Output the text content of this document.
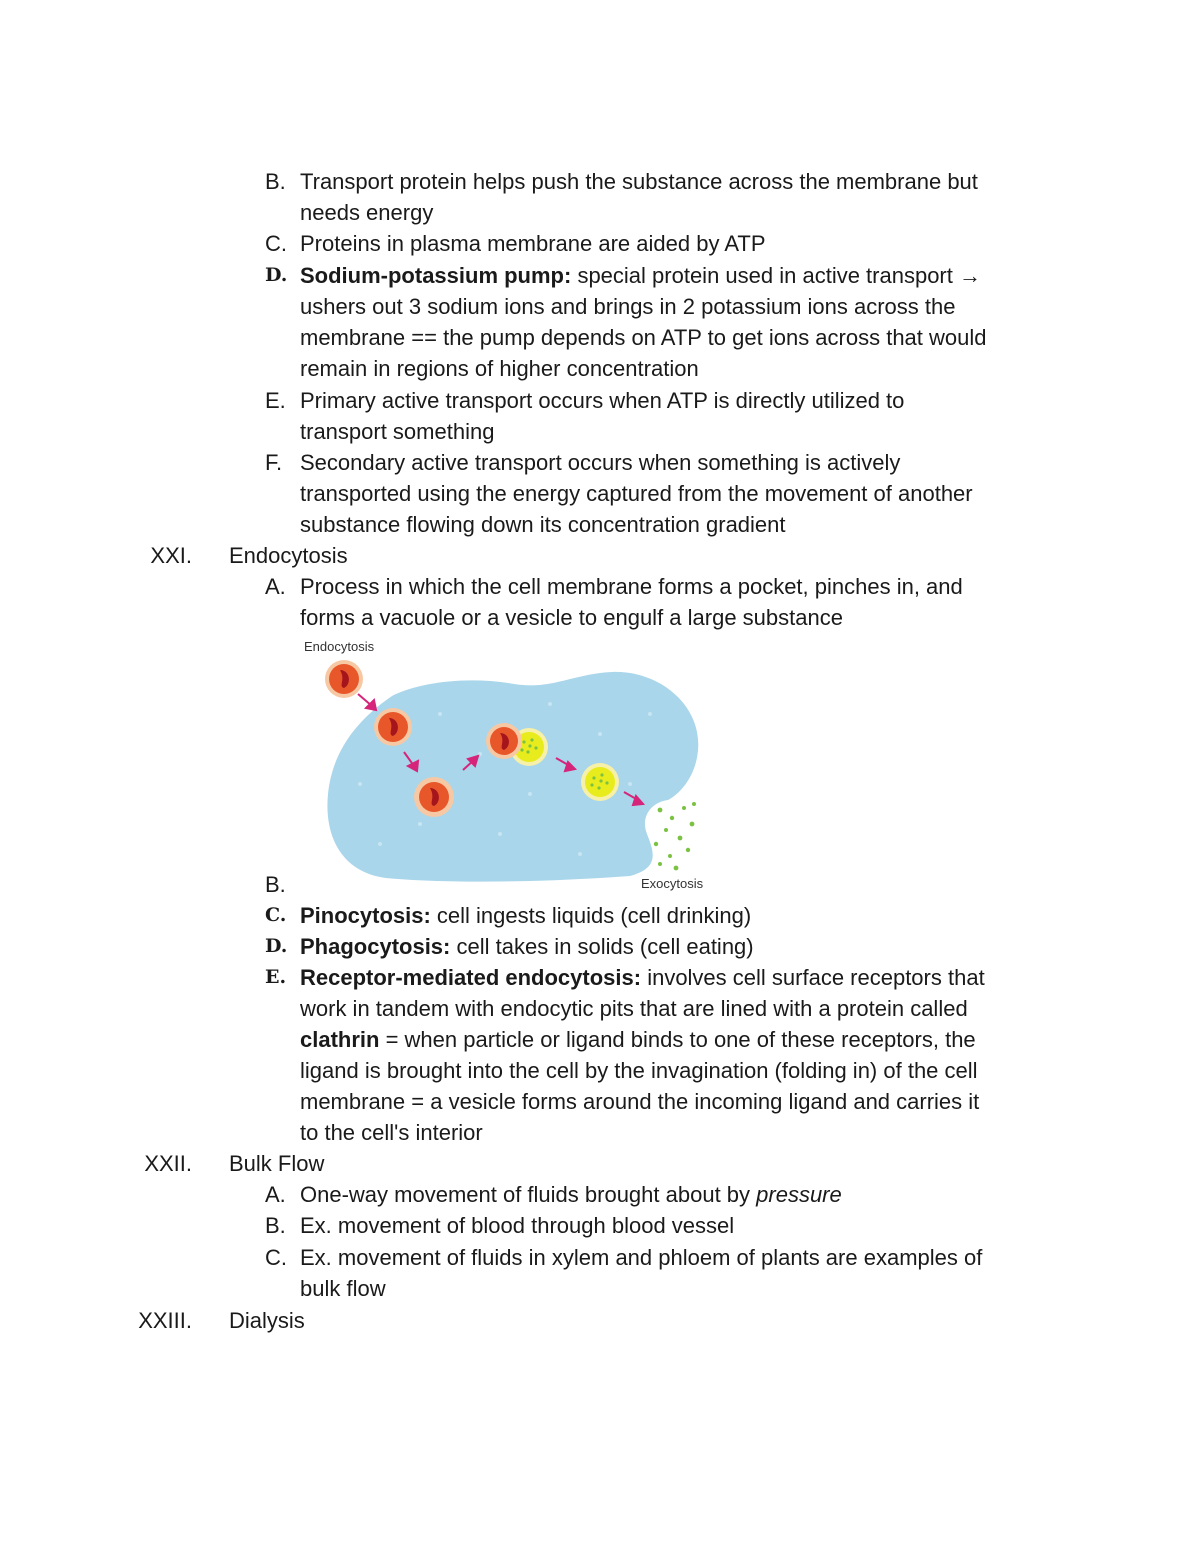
B. Transport protein helps push the substance across the membrane but
needs energy
C. Proteins in plasma membrane are aided by ATP
D. Sodium-potassium pump: special protein used in active transport →
ushers out 3 sodium ions and brings in 2 potassium ions across the
membrane == the pump depends on ATP to get ions across that would
remain in regions of higher concentration
E. Primary active transport occurs when ATP is directly utilized to
transport something
F. Secondary active transport occurs when something is actively
transported using the energy captured from the movement of another
substance flowing down its concentration gradient
XXI. Endocytosis
A. Process in which the cell membrane forms a pocket, pinches in, and
forms a vacuole or a vesicle to engulf a large substance
Endocytosis
Exocytosis
B.
C. Pinocytosis: cell ingests liquids (cell drinking)
D. Phagocytosis: cell takes in solids (cell eating)
E. Receptor-mediated endocytosis: involves cell surface receptors that
work in tandem with endocytic pits that are lined with a protein called
clathrin = when particle or ligand binds to one of these receptors, the
ligand is brought into the cell by the invagination (folding in) of the cell
membrane = a vesicle forms around the incoming ligand and carries it
to the cell's interior
XXII. Bulk Flow
A. One-way movement of fluids brought about by pressure
B. Ex. movement of blood through blood vessel
C. Ex. movement of fluids in xylem and phloem of plants are examples of
bulk flow
XXIII. Dialysis
